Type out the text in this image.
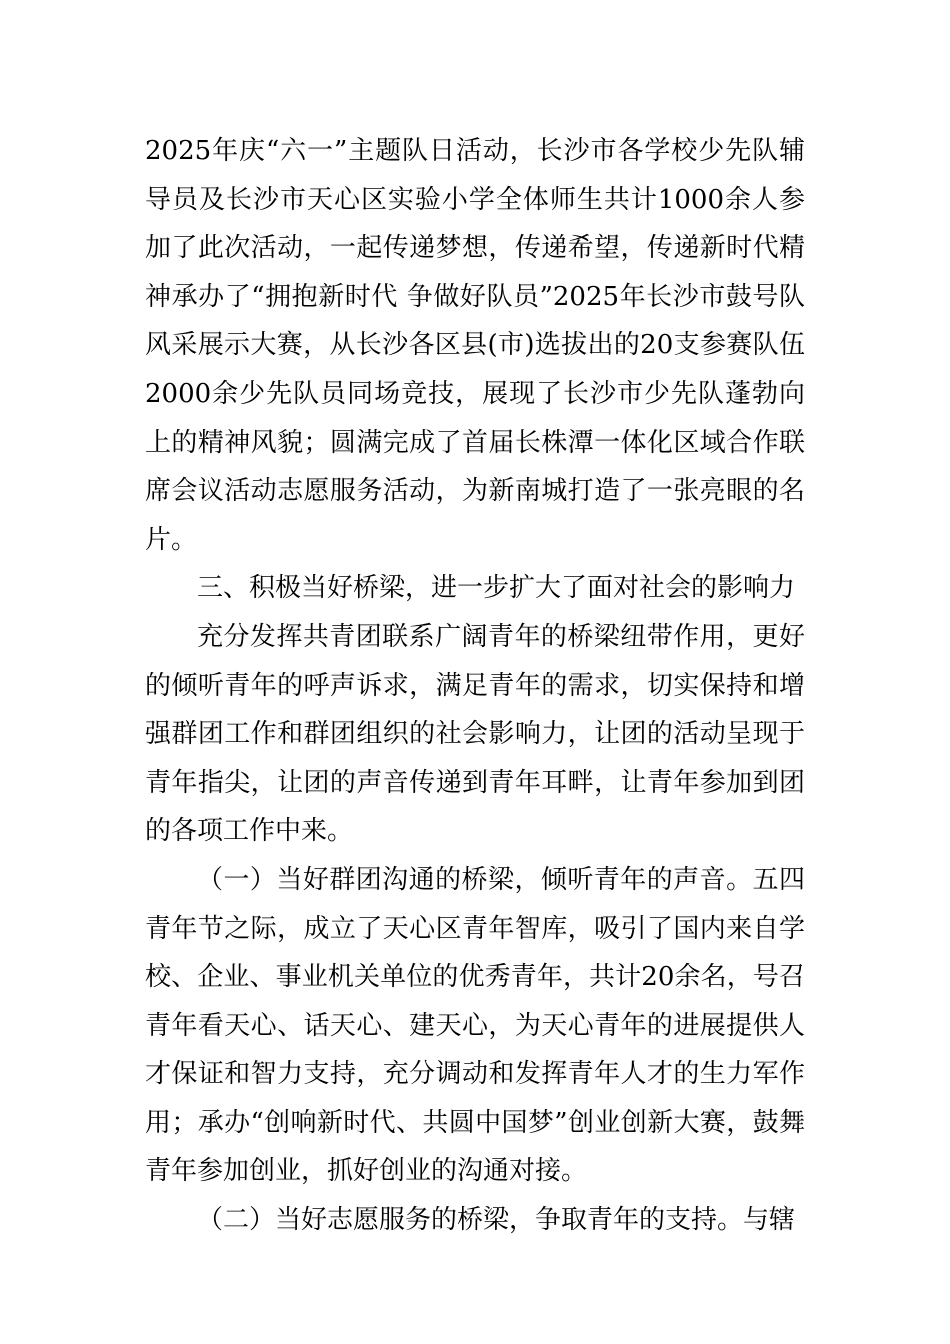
2025年庆“六一”主题队日活动，长沙市各学校少先队辅导员及长沙市天心区实验小学全体师生共计1000余人参加了此次活动，一起传递梦想，传递希望，传递新时代精神承办了“拥抱新时代 争做好队员”2025年长沙市鼓号队风采展示大赛，从长沙各区县(市)选拔出的20支参赛队伍2000余少先队员同场竞技，展现了长沙市少先队蓬勃向上的精神风貌；圆满完成了首届长株潭一体化区域合作联席会议活动志愿服务活动，为新南城打造了一张亮眼的名片。

三、积极当好桥梁，进一步扩大了面对社会的影响力

充分发挥共青团联系广阔青年的桥梁纽带作用，更好的倾听青年的呼声诉求，满足青年的需求，切实保持和增强群团工作和群团组织的社会影响力，让团的活动呈现于青年指尖，让团的声音传递到青年耳畔，让青年参加到团的各项工作中来。

（一）当好群团沟通的桥梁，倾听青年的声音。五四青年节之际，成立了天心区青年智库，吸引了国内来自学校、企业、事业机关单位的优秀青年，共计20余名，号召青年看天心、话天心、建天心，为天心青年的进展提供人才保证和智力支持，充分调动和发挥青年人才的生力军作用；承办“创响新时代、共圆中国梦”创业创新大赛，鼓舞青年参加创业，抓好创业的沟通对接。

（二）当好志愿服务的桥梁，争取青年的支持。与辖
